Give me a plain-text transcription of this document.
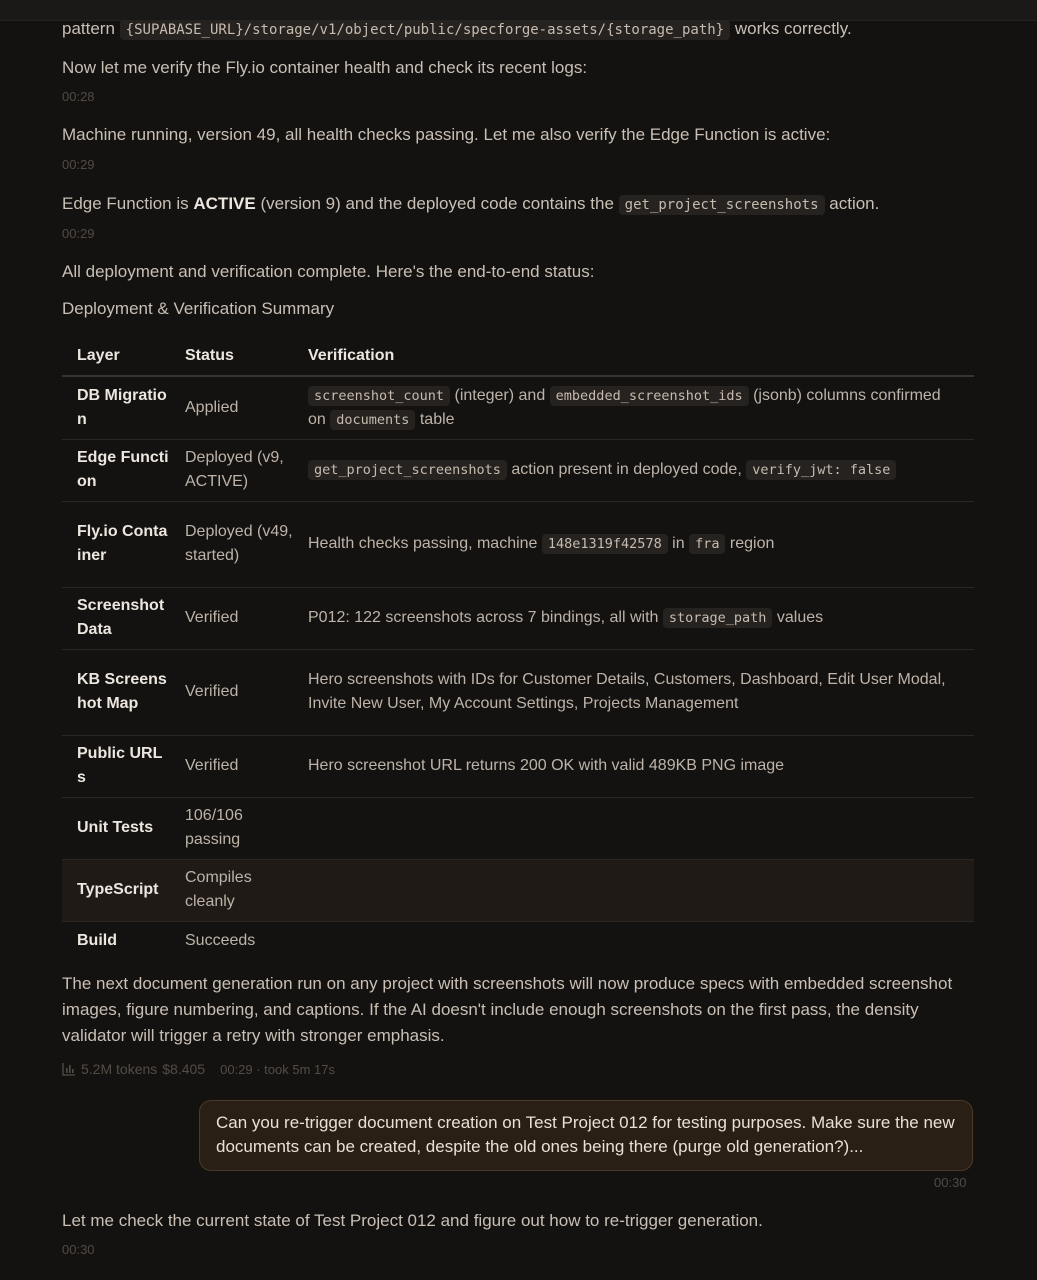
pattern {SUPABASE_URL}/storage/v1/object/public/specforge-assets/{storage_path} works correctly.
Now let me verify the Fly.io container health and check its recent logs:
00:28
Machine running, version 49, all health checks passing. Let me also verify the Edge Function is active:
00:29
Edge Function is ACTIVE (version 9) and the deployed code contains the get_project_screenshots action.
00:29
All deployment and verification complete. Here's the end-to-end status:
Deployment & Verification Summary
Layer	Status	Verification
DB Migration	Applied	screenshot_count (integer) and embedded_screenshot_ids (jsonb) columns confirmed on documents table
Edge Function	Deployed (v9, ACTIVE)	get_project_screenshots action present in deployed code, verify_jwt: false
Fly.io Container	Deployed (v49, started)	Health checks passing, machine 148e1319f42578 in fra region
Screenshot Data	Verified	P012: 122 screenshots across 7 bindings, all with storage_path values
KB Screenshot Map	Verified	Hero screenshots with IDs for Customer Details, Customers, Dashboard, Edit User Modal, Invite New User, My Account Settings, Projects Management
Public URLs	Verified	Hero screenshot URL returns 200 OK with valid 489KB PNG image
Unit Tests	106/106 passing	
TypeScript	Compiles cleanly	
Build	Succeeds	
The next document generation run on any project with screenshots will now produce specs with embedded screenshot images, figure numbering, and captions. If the AI doesn't include enough screenshots on the first pass, the density validator will trigger a retry with stronger emphasis.
5.2M tokens $8.405 00:29 · took 5m 17s
Can you re-trigger document creation on Test Project 012 for testing purposes. Make sure the new documents can be created, despite the old ones being there (purge old generation?)...
00:30
Let me check the current state of Test Project 012 and figure out how to re-trigger generation.
00:30
